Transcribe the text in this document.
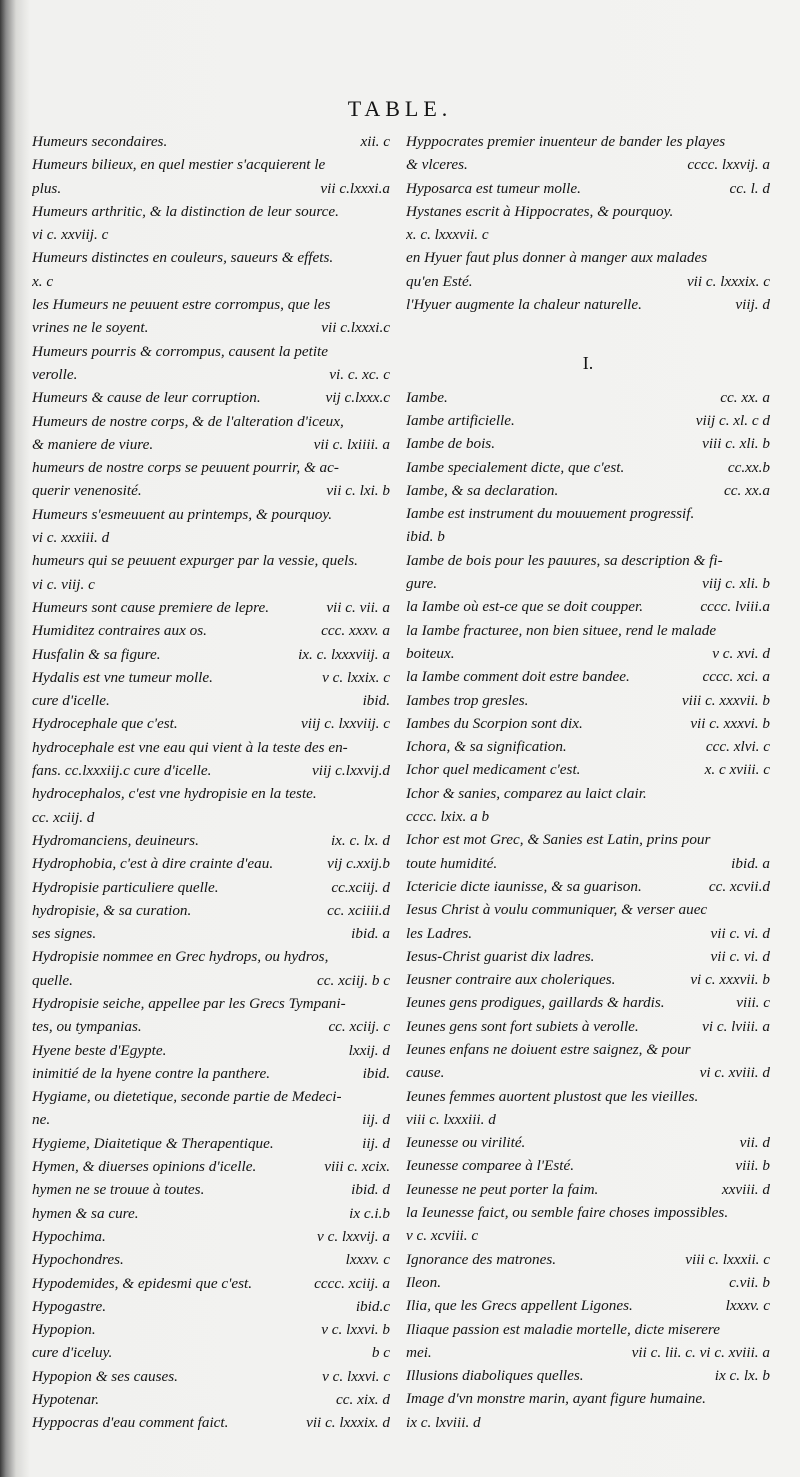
TABLE.
Humeurs secondaires.	xii. c
Humeurs bilieux, en quel mestier s'acquierent le
plus.	vii c.lxxxi.a
Humeurs arthritic, & la distinction de leur source.
vi c. xxviij. c
Humeurs distinctes en couleurs, saueurs & effets.
x. c
les Humeurs ne peuuent estre corrompus, que les
vrines ne le soyent.	vii c.lxxxi.c
Humeurs pourris & corrompus, causent la petite
verolle.	vi. c. xc. c
Humeurs & cause de leur corruption.	vij c.lxxx.c
Humeurs de nostre corps, & de l'alteration d'iceux,
& maniere de viure.	vii c. lxiiii. a
humeurs de nostre corps se peuuent pourrir, & ac-
querir venenosité.	vii c. lxi. b
Humeurs s'esmeuuent au printemps, & pourquoy.
vi c. xxxiii. d
humeurs qui se peuuent expurger par la vessie, quels.
vi c. viij. c
Humeurs sont cause premiere de lepre.	vii c. vii. a
Humiditez contraires aux os.	ccc. xxxv. a
Husfalin & sa figure.	ix. c. lxxxviij. a
Hydalis est vne tumeur molle.	v c. lxxix. c
cure d'icelle.	ibid.
Hydrocephale que c'est.	viij c. lxxviij. c
hydrocephale est vne eau qui vient à la teste des en-
fans. cc.lxxxiij.c cure d'icelle.	viij c.lxxvij.d
hydrocephalos, c'est vne hydropisie en la teste.
cc. xciij. d
Hydromanciens, deuineurs.	ix. c. lx. d
Hydrophobia, c'est à dire crainte d'eau.	vij c.xxij.b
Hydropisie particuliere quelle.	cc.xciij. d
hydropisie, & sa curation.	cc. xciiii.d
ses signes.	ibid. a
Hydropisie nommee en Grec hydrops, ou hydros,
quelle.	cc. xciij. b c
Hydropisie seiche, appellee par les Grecs Tympani-
tes, ou tympanias.	cc. xciij. c
Hyene beste d'Egypte.	lxxij. d
inimitié de la hyene contre la panthere.	ibid.
Hygiame, ou dietetique, seconde partie de Medeci-
ne.	iij. d
Hygieme, Diaitetique & Therapentique.	iij. d
Hymen, & diuerses opinions d'icelle.	viii c. xcix.
hymen ne se trouue à toutes.	ibid. d
hymen & sa cure.	ix c.i.b
Hypochima.	v c. lxxvij. a
Hypochondres.	lxxxv. c
Hypodemides, & epidesmi que c'est.	cccc. xciij. a
Hypogastre.	ibid.c
Hypopion.	v c. lxxvi. b
cure d'iceluy.	b c
Hypopion & ses causes.	v c. lxxvi. c
Hypotenar.	cc. xix. d
Hyppocras d'eau comment faict.	vii c. lxxxix. d
Hyppocrates premier inuenteur de bander les playes
& vlceres.	cccc. lxxvij. a
Hyposarca est tumeur molle.	cc. l. d
Hystanes escrit à Hippocrates, & pourquoy.
x. c. lxxxvii. c
en Hyuer faut plus donner à manger aux malades
qu'en Esté.	vii c. lxxxix. c
l'Hyuer augmente la chaleur naturelle.	viij. d
I.
Iambe.	cc. xx. a
Iambe artificielle.	viij c. xl. c d
Iambe de bois.	viii c. xli. b
Iambe specialement dicte, que c'est.	cc.xx.b
Iambe, & sa declaration.	cc. xx.a
Iambe est instrument du mouuement progressif.
ibid. b
Iambe de bois pour les pauures, sa description & fi-
gure.	viij c. xli. b
la Iambe où est-ce que se doit coupper.	cccc. lviii.a
la Iambe fracturee, non bien situee, rend le malade
boiteux.	v c. xvi. d
la Iambe comment doit estre bandee.	cccc. xci. a
Iambes trop gresles.	viii c. xxxvii. b
Iambes du Scorpion sont dix.	vii c. xxxvi. b
Ichora, & sa signification.	ccc. xlvi. c
Ichor quel medicament c'est.	x. c xviii. c
Ichor & sanies, comparez au laict clair.
cccc. lxix. a b
Ichor est mot Grec, & Sanies est Latin, prins pour
toute humidité.	ibid. a
Ictericie dicte iaunisse, & sa guarison.	cc. xcvii.d
Iesus Christ à voulu communiquer, & verser auec
les Ladres.	vii c. vi. d
Iesus-Christ guarist dix ladres.	vii c. vi. d
Ieusner contraire aux choleriques.	vi c. xxxvii. b
Ieunes gens prodigues, gaillards & hardis.	viii. c
Ieunes gens sont fort subiets à verolle.	vi c. lviii. a
Ieunes enfans ne doiuent estre saignez, & pour
cause.	vi c. xviii. d
Ieunes femmes auortent plustost que les vieilles.
viii c. lxxxiii. d
Ieunesse ou virilité.	vii. d
Ieunesse comparee à l'Esté.	viii. b
Ieunesse ne peut porter la faim.	xxviii. d
la Ieunesse faict, ou semble faire choses impossibles.
v c. xcviii. c
Ignorance des matrones.	viii c. lxxxii. c
Ileon.	c.vii. b
Ilia, que les Grecs appellent Ligones.	lxxxv. c
Iliaque passion est maladie mortelle, dicte miserere
mei.	vii c. lii. c. vi c. xviii. a
Illusions diaboliques quelles.	ix c. lx. b
Image d'vn monstre marin, ayant figure humaine.
ix c. lxviii. d
